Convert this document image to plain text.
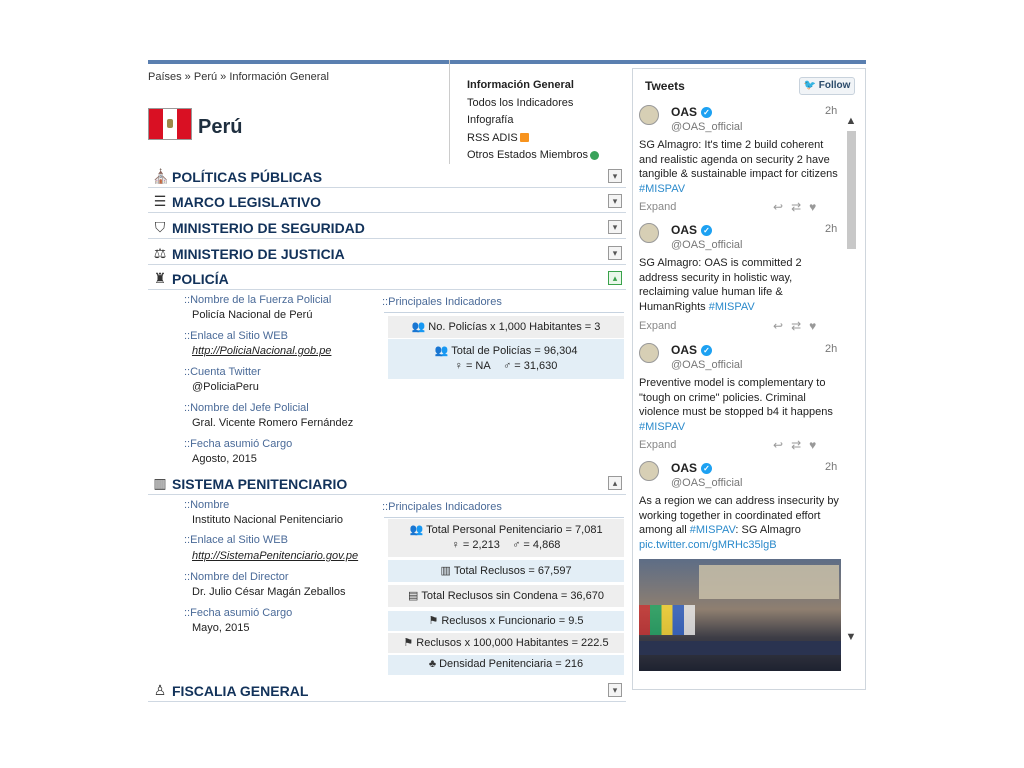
Países » Perú » Información General
Perú
Información General
Todos los Indicadores
Infografía
RSS ADIS
Otros Estados Miembros
⛪ POLÍTICAS PÚBLICAS	▾
☰ MARCO LEGISLATIVO	▾
⛉ MINISTERIO DE SEGURIDAD	▾
⚖ MINISTERIO DE JUSTICIA	▾
♜ POLICÍA	▴
::Nombre de la Fuerza Policial
Policía Nacional de Perú
::Enlace al Sitio WEB
http://PoliciaNacional.gob.pe
::Cuenta Twitter
@PoliciaPeru
::Nombre del Jefe Policial
Gral. Vicente Romero Fernández
::Fecha asumió Cargo
Agosto, 2015
::Principales Indicadores
👥 No. Policías x 1,000 Habitantes = 3
👥 Total de Policías = 96,304
♀ = NA ♂ = 31,630
▥ SISTEMA PENITENCIARIO	▴
::Nombre
Instituto Nacional Penitenciario
::Enlace al Sitio WEB
http://SistemaPenitenciario.gov.pe
::Nombre del Director
Dr. Julio César Magán Zeballos
::Fecha asumió Cargo
Mayo, 2015
::Principales Indicadores
👥 Total Personal Penitenciario = 7,081
♀ = 2,213 ♂ = 4,868
▥ Total Reclusos = 67,597
▤ Total Reclusos sin Condena = 36,670
⚑ Reclusos x Funcionario = 9.5
⚑ Reclusos x 100,000 Habitantes = 222.5
♣ Densidad Penitenciaria = 216
♙ FISCALIA GENERAL	▾
Tweets	🐦 Follow
▲
▼
OAS ✓
@OAS_official
2h
SG Almagro: It's time 2 build coherent and realistic agenda on security 2 have tangible & sustainable impact for citizens #MISPAV
Expand	↩⇄♥
OAS ✓
@OAS_official
2h
SG Almagro: OAS is committed 2 address security in holistic way, reclaiming value human life & HumanRights #MISPAV
Expand	↩⇄♥
OAS ✓
@OAS_official
2h
Preventive model is complementary to "tough on crime" policies. Criminal violence must be stopped b4 it happens #MISPAV
Expand	↩⇄♥
OAS ✓
@OAS_official
2h
As a region we can address insecurity by working together in coordinated effort among all #MISPAV: SG Almagro
pic.twitter.com/gMRHc35lgB
